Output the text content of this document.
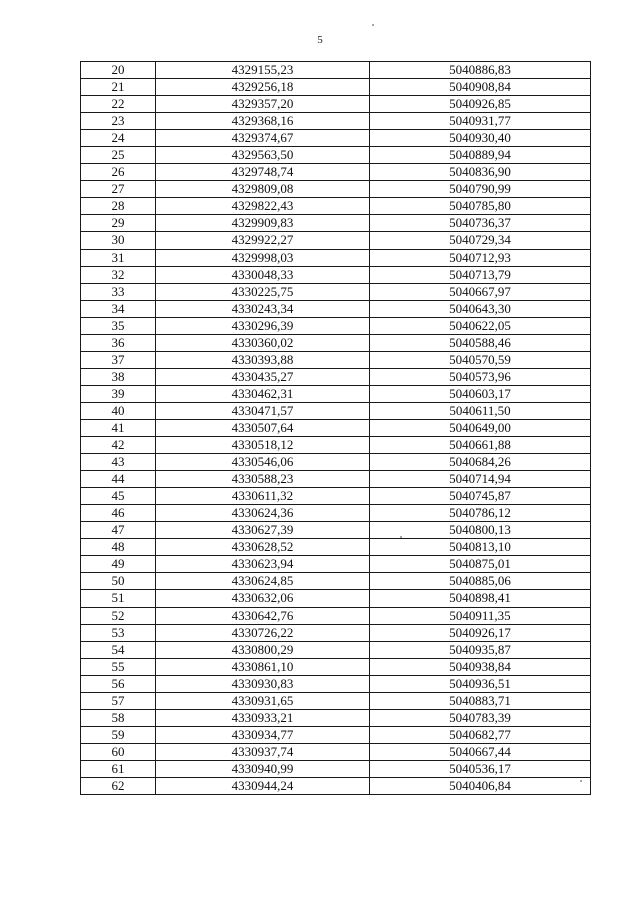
5
20	4329155,23	5040886,83
21	4329256,18	5040908,84
22	4329357,20	5040926,85
23	4329368,16	5040931,77
24	4329374,67	5040930,40
25	4329563,50	5040889,94
26	4329748,74	5040836,90
27	4329809,08	5040790,99
28	4329822,43	5040785,80
29	4329909,83	5040736,37
30	4329922,27	5040729,34
31	4329998,03	5040712,93
32	4330048,33	5040713,79
33	4330225,75	5040667,97
34	4330243,34	5040643,30
35	4330296,39	5040622,05
36	4330360,02	5040588,46
37	4330393,88	5040570,59
38	4330435,27	5040573,96
39	4330462,31	5040603,17
40	4330471,57	5040611,50
41	4330507,64	5040649,00
42	4330518,12	5040661,88
43	4330546,06	5040684,26
44	4330588,23	5040714,94
45	4330611,32	5040745,87
46	4330624,36	5040786,12
47	4330627,39	5040800,13
48	4330628,52	5040813,10
49	4330623,94	5040875,01
50	4330624,85	5040885,06
51	4330632,06	5040898,41
52	4330642,76	5040911,35
53	4330726,22	5040926,17
54	4330800,29	5040935,87
55	4330861,10	5040938,84
56	4330930,83	5040936,51
57	4330931,65	5040883,71
58	4330933,21	5040783,39
59	4330934,77	5040682,77
60	4330937,74	5040667,44
61	4330940,99	5040536,17
62	4330944,24	5040406,84
